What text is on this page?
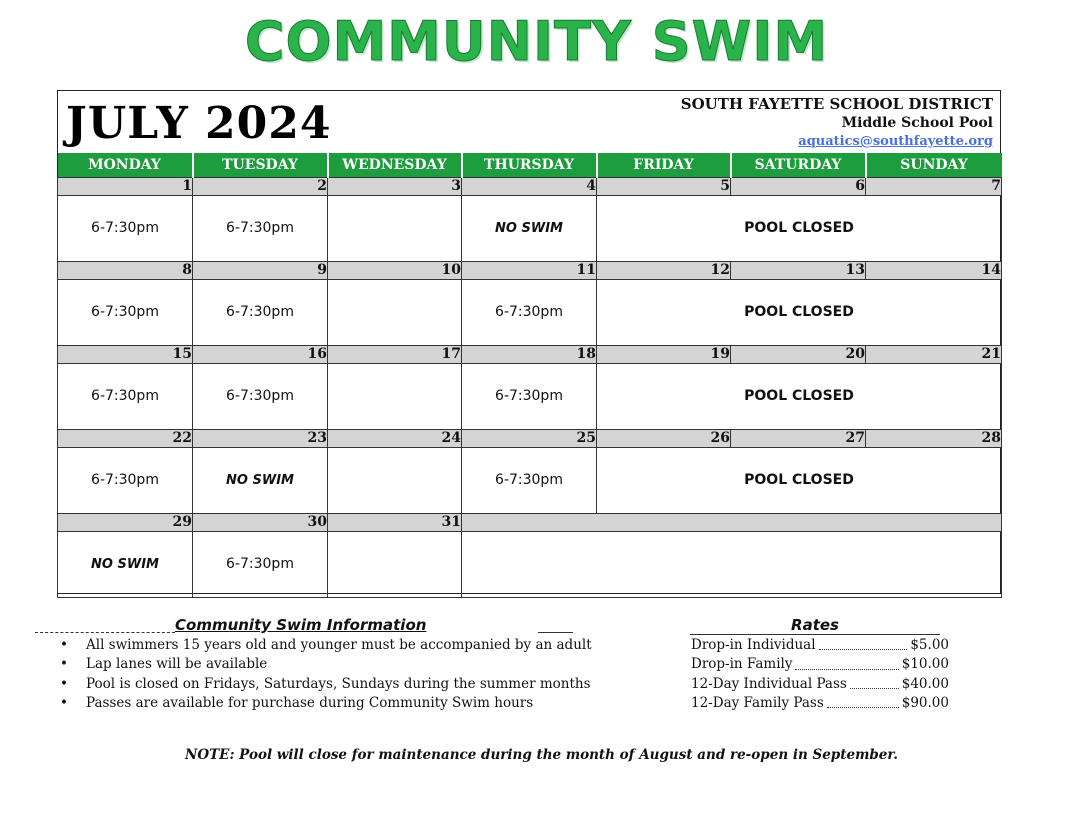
COMMUNITY SWIM
JULY 2024	SOUTH FAYETTE SCHOOL DISTRICT
Middle School Pool
aquatics@southfayette.org
MONDAY	TUESDAY	WEDNESDAY	THURSDAY	FRIDAY	SATURDAY	SUNDAY
1	2	3	4	5	6	7
6-7:30pm	6-7:30pm		NO SWIM	POOL CLOSED		
8	9	10	11	12	13	14
6-7:30pm	6-7:30pm		6-7:30pm	POOL CLOSED		
15	16	17	18	19	20	21
6-7:30pm	6-7:30pm		6-7:30pm	POOL CLOSED		
22	23	24	25	26	27	28
6-7:30pm	NO SWIM		6-7:30pm	POOL CLOSED		
29	30	31				
NO SWIM	6-7:30pm					
Community Swim Information
• All swimmers 15 years old and younger must be accompanied by an adult
• Lap lanes will be available
• Pool is closed on Fridays, Saturdays, Sundays during the summer months
• Passes are available for purchase during Community Swim hours
Rates
Drop-in Individual	$5.00
Drop-in Family	$10.00
12-Day Individual Pass	$40.00
12-Day Family Pass	$90.00
NOTE: Pool will close for maintenance during the month of August and re-open in September.
